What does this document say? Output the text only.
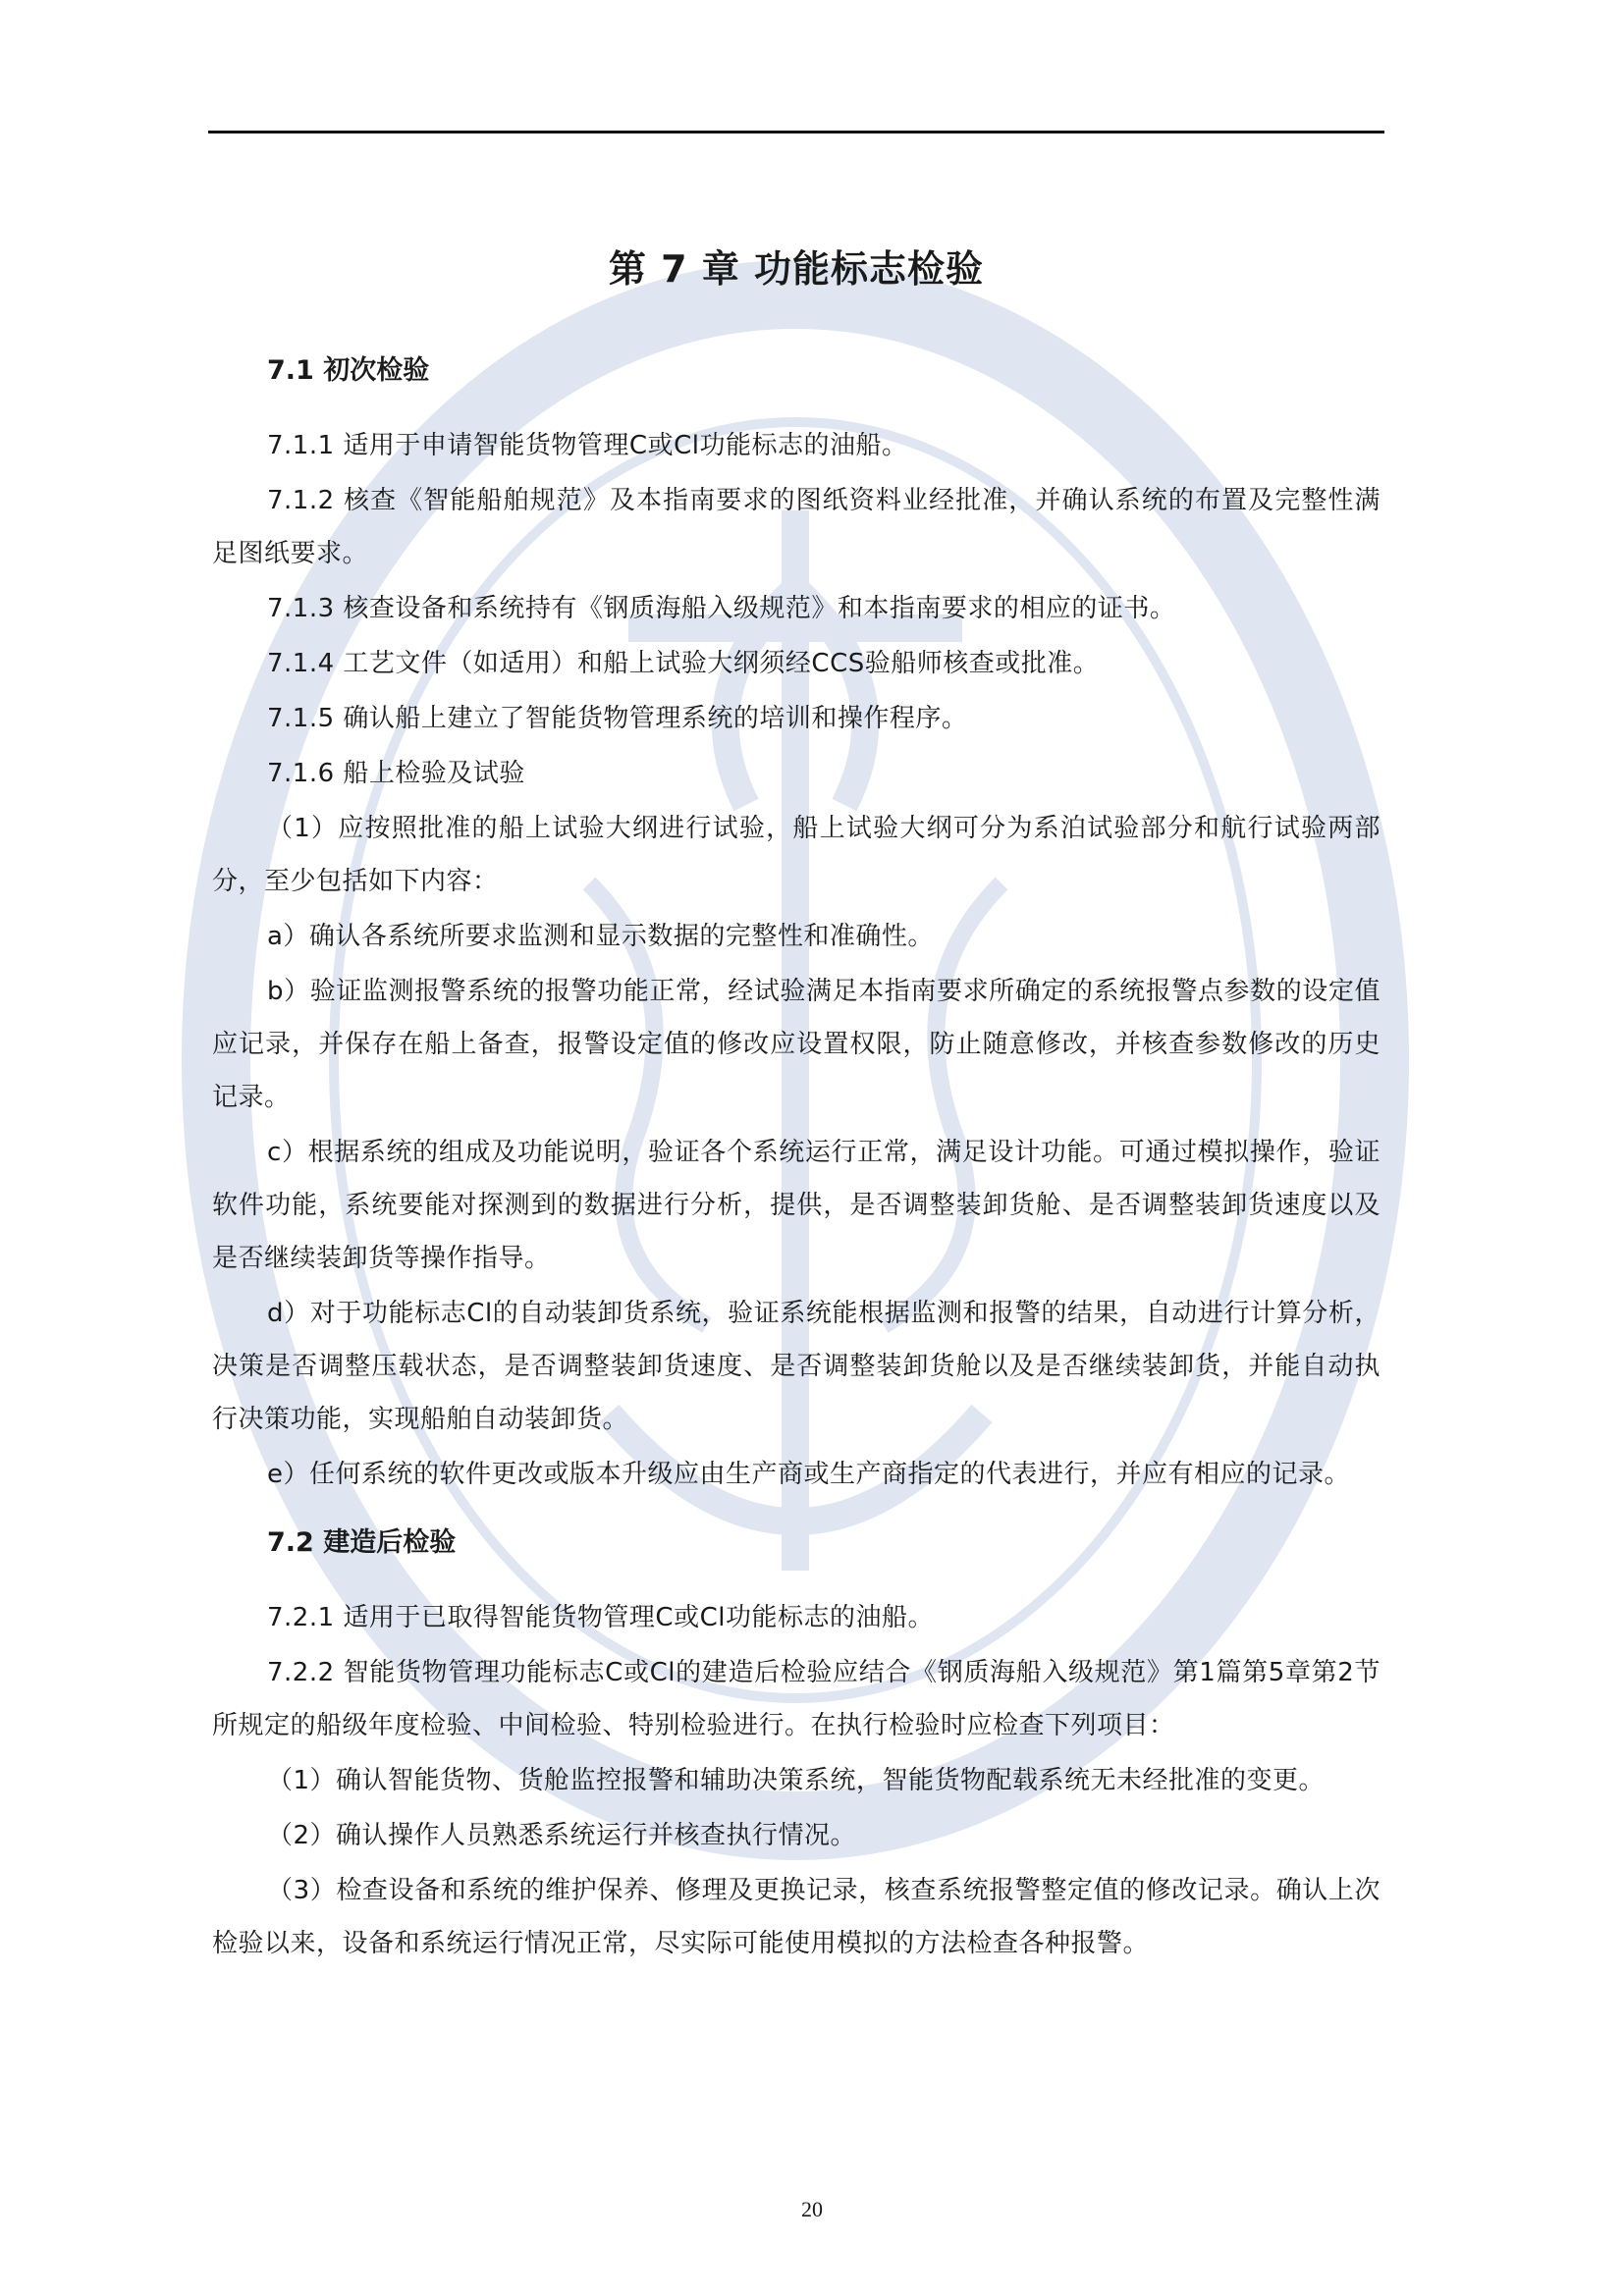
第 7 章 功能标志检验
7.1 初次检验

7.1.1 适用于申请智能货物管理C或Cl功能标志的油船。

7.1.2 核查《智能船舶规范》及本指南要求的图纸资料业经批准，并确认系统的布置及完整性满足图纸要求。

7.1.3 核查设备和系统持有《钢质海船入级规范》和本指南要求的相应的证书。

7.1.4 工艺文件（如适用）和船上试验大纲须经CCS验船师核查或批准。

7.1.5 确认船上建立了智能货物管理系统的培训和操作程序。

7.1.6 船上检验及试验

（1）应按照批准的船上试验大纲进行试验，船上试验大纲可分为系泊试验部分和航行试验两部分，至少包括如下内容：

a）确认各系统所要求监测和显示数据的完整性和准确性。

b）验证监测报警系统的报警功能正常，经试验满足本指南要求所确定的系统报警点参数的设定值应记录，并保存在船上备查，报警设定值的修改应设置权限，防止随意修改，并核查参数修改的历史记录。

c）根据系统的组成及功能说明，验证各个系统运行正常，满足设计功能。可通过模拟操作，验证软件功能，系统要能对探测到的数据进行分析，提供，是否调整装卸货舱、是否调整装卸货速度以及是否继续装卸货等操作指导。

d）对于功能标志Cl的自动装卸货系统，验证系统能根据监测和报警的结果，自动进行计算分析，决策是否调整压载状态，是否调整装卸货速度、是否调整装卸货舱以及是否继续装卸货，并能自动执行决策功能，实现船舶自动装卸货。

e）任何系统的软件更改或版本升级应由生产商或生产商指定的代表进行，并应有相应的记录。

7.2 建造后检验

7.2.1 适用于已取得智能货物管理C或Cl功能标志的油船。

7.2.2 智能货物管理功能标志C或Cl的建造后检验应结合《钢质海船入级规范》第1篇第5章第2节所规定的船级年度检验、中间检验、特别检验进行。在执行检验时应检查下列项目：

（1）确认智能货物、货舱监控报警和辅助决策系统，智能货物配载系统无未经批准的变更。

（2）确认操作人员熟悉系统运行并核查执行情况。

（3）检查设备和系统的维护保养、修理及更换记录，核查系统报警整定值的修改记录。确认上次检验以来，设备和系统运行情况正常，尽实际可能使用模拟的方法检查各种报警。

20
